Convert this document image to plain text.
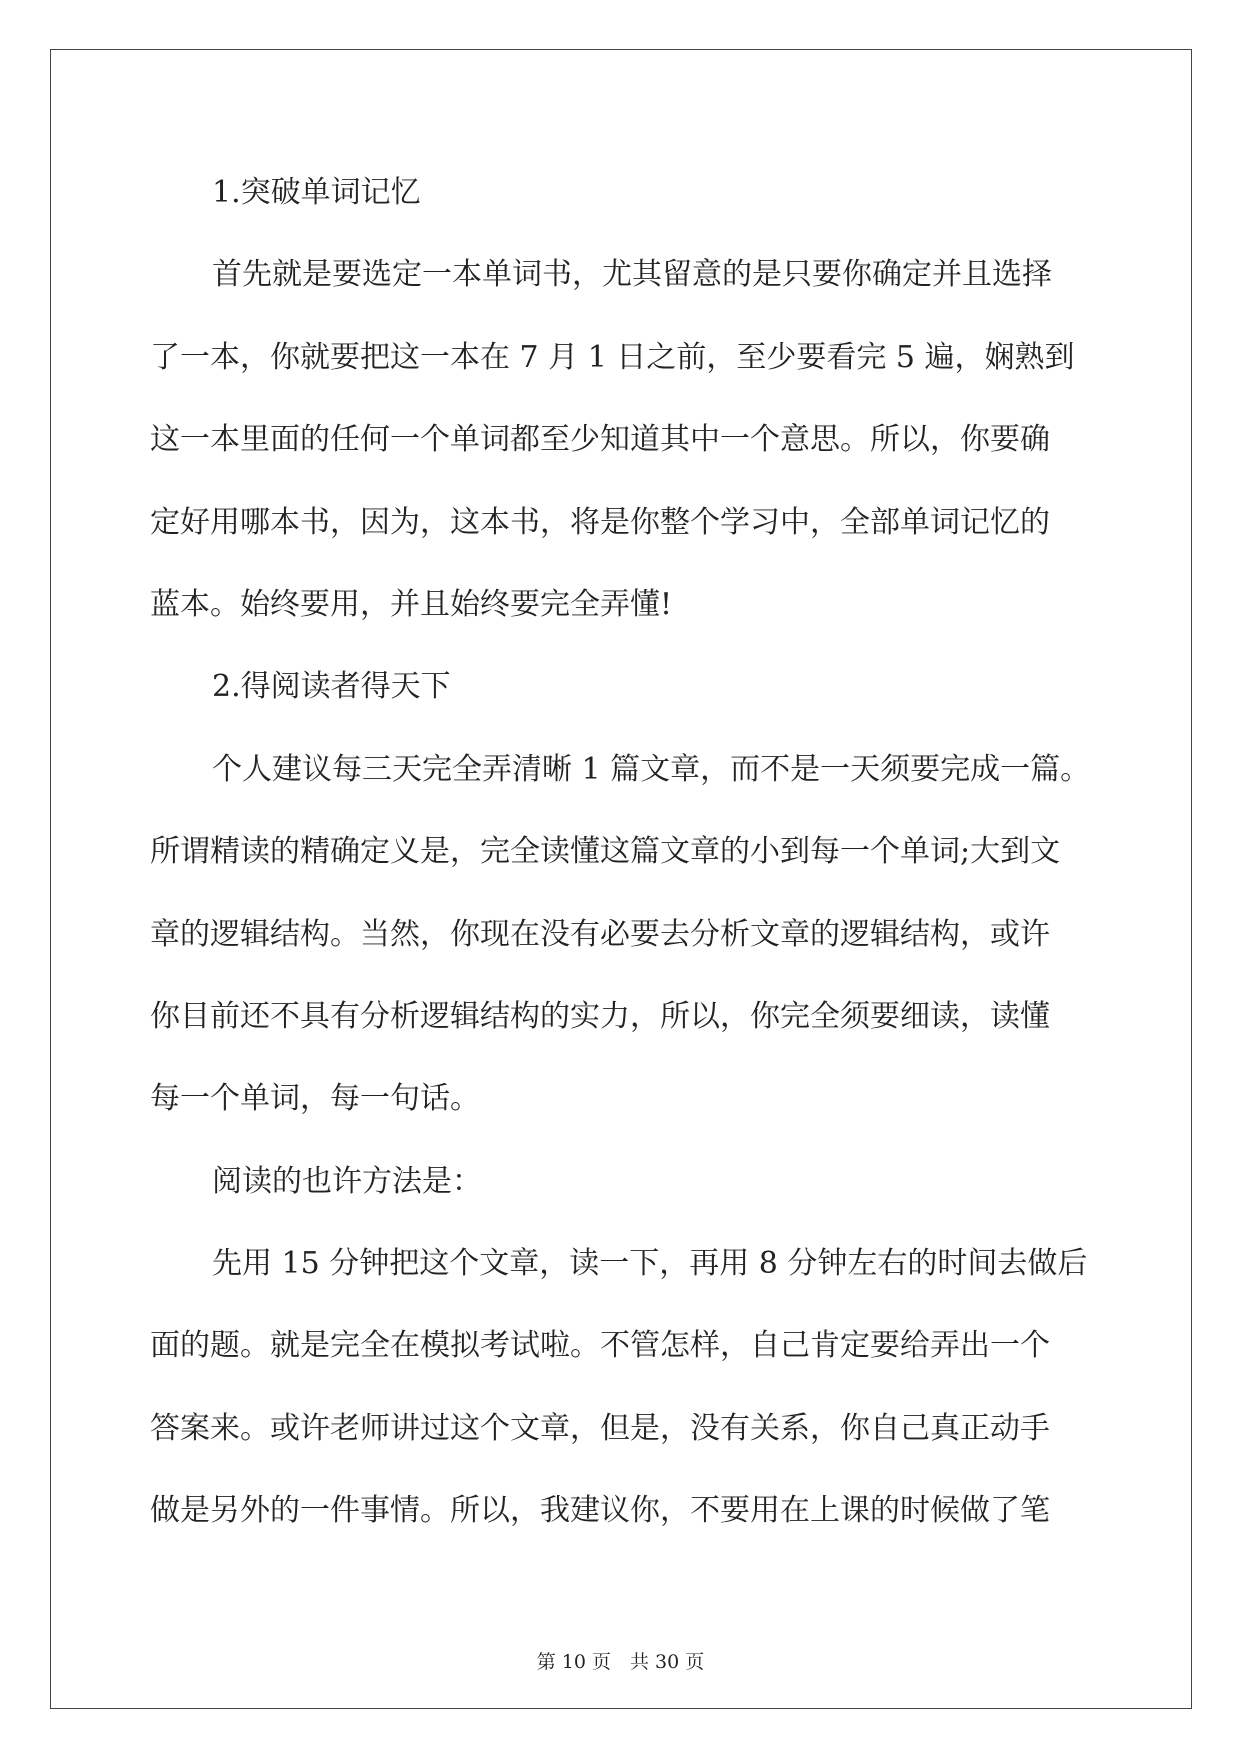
1.突破单词记忆
首先就是要选定一本单词书，尤其留意的是只要你确定并且选择
了一本，你就要把这一本在 7 月 1 日之前，至少要看完 5 遍，娴熟到
这一本里面的任何一个单词都至少知道其中一个意思。所以，你要确
定好用哪本书，因为，这本书，将是你整个学习中，全部单词记忆的
蓝本。始终要用，并且始终要完全弄懂!
2.得阅读者得天下
个人建议每三天完全弄清晰 1 篇文章，而不是一天须要完成一篇。
所谓精读的精确定义是，完全读懂这篇文章的小到每一个单词;大到文
章的逻辑结构。当然，你现在没有必要去分析文章的逻辑结构，或许
你目前还不具有分析逻辑结构的实力，所以，你完全须要细读，读懂
每一个单词，每一句话。
阅读的也许方法是：
先用 15 分钟把这个文章，读一下，再用 8 分钟左右的时间去做后
面的题。就是完全在模拟考试啦。不管怎样，自己肯定要给弄出一个
答案来。或许老师讲过这个文章，但是，没有关系，你自己真正动手
做是另外的一件事情。所以，我建议你，不要用在上课的时候做了笔
第 10 页　共 30 页
